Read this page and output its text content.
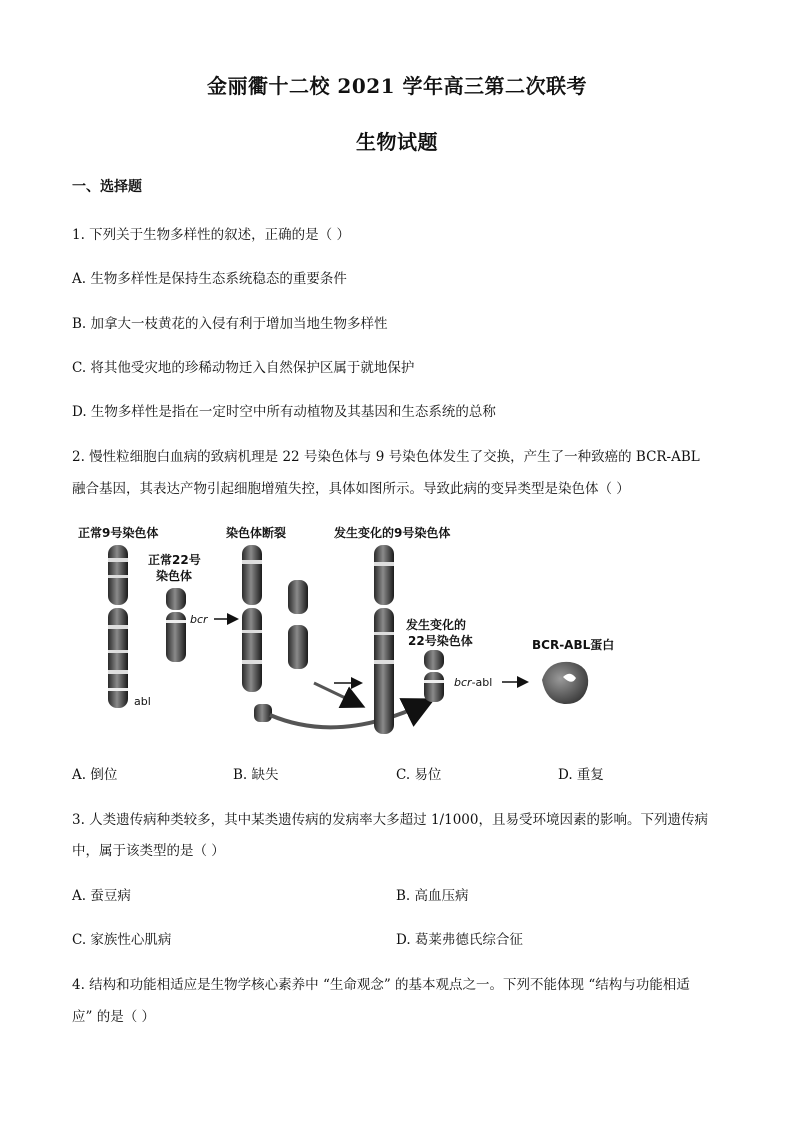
金丽衢十二校 2021 学年高三第二次联考
生物试题
一、选择题
1. 下列关于生物多样性的叙述，正确的是（ ）
A. 生物多样性是保持生态系统稳态的重要条件
B. 加拿大一枝黄花的入侵有利于增加当地生物多样性
C. 将其他受灾地的珍稀动物迁入自然保护区属于就地保护
D. 生物多样性是指在一定时空中所有动植物及其基因和生态系统的总称
2. 慢性粒细胞白血病的致病机理是 22 号染色体与 9 号染色体发生了交换，产生了一种致癌的 BCR-ABL
融合基因，其表达产物引起细胞增殖失控，具体如图所示。导致此病的变异类型是染色体（ ）
正常9号染色体
正常22号
染色体
染色体断裂	发生变化的9号染色体
发生变化的
22号染色体	BCR-ABL蛋白
abl
bcr
bcr-abl
A. 倒位	B. 缺失	C. 易位	D. 重复
3. 人类遗传病种类较多，其中某类遗传病的发病率大多超过 1/1000，且易受环境因素的影响。下列遗传病
中，属于该类型的是（ ）
A. 蚕豆病	B. 高血压病
C. 家族性心肌病	D. 葛莱弗德氏综合征
4. 结构和功能相适应是生物学核心素养中 “生命观念” 的基本观点之一。下列不能体现 “结构与功能相适
应” 的是（ ）
